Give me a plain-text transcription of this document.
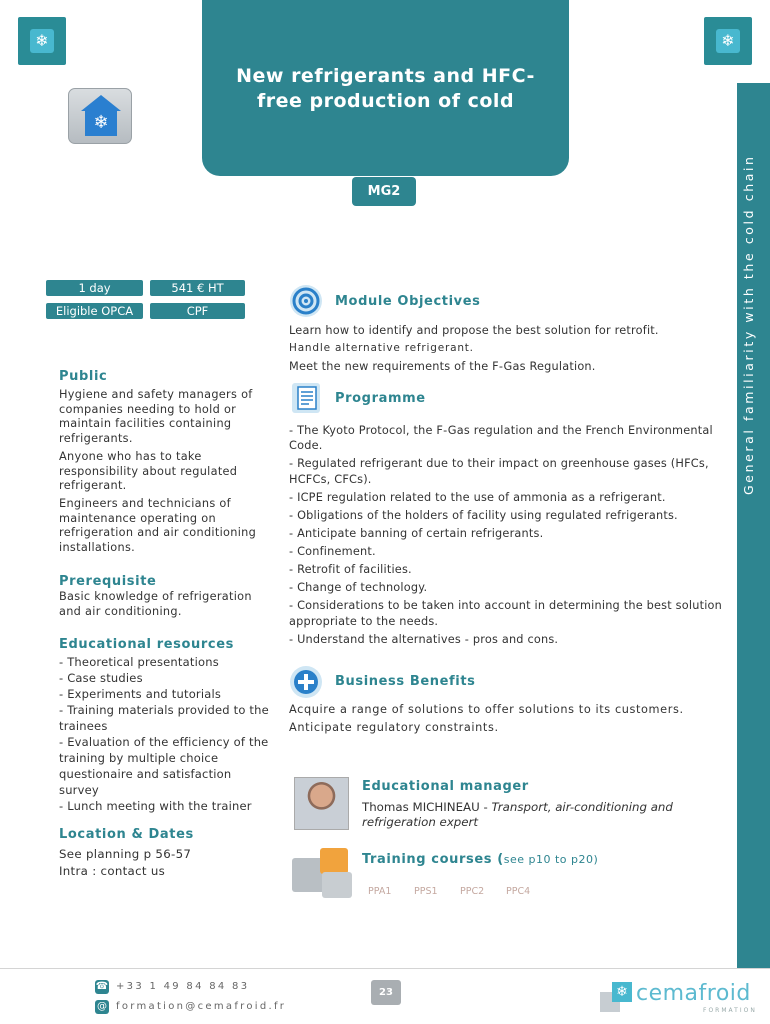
❄	❄
New refrigerants and HFC-
free production of cold
❄
MG2	General familiarity with the cold chain
1 day	541 € HT
Eligible OPCA	CPF
Public
Hygiene and safety managers of companies needing to hold or maintain facilities containing refrigerants.
Anyone who has to take responsibility about regulated refrigerant.
Engineers and technicians of maintenance operating on refrigeration and air conditioning installations.
Prerequisite
Basic knowledge of refrigeration and air conditioning.
Educational resources
- Theoretical presentations
- Case studies
- Experiments and tutorials
- Training materials provided to the trainees
- Evaluation of the efficiency of the training by multiple choice questionaire and satisfaction survey
- Lunch meeting with the trainer
Location & Dates
See planning p 56-57
Intra : contact us
Module Objectives
Learn how to identify and propose the best solution for retrofit.
Handle alternative refrigerant.
Meet the new requirements of the F-Gas Regulation.
Programme
- The Kyoto Protocol, the F-Gas regulation and the French Environmental Code.
- Regulated refrigerant due to their impact on greenhouse gases (HFCs, HCFCs, CFCs).
- ICPE regulation related to the use of ammonia as a refrigerant.
- Obligations of the holders of facility using regulated refrigerants.
- Anticipate banning of certain refrigerants.
- Confinement.
- Retrofit of facilities.
- Change of technology.
- Considerations to be taken into account in determining the best solution appropriate to the needs.
- Understand the alternatives - pros and cons.
Business Benefits
Acquire a range of solutions to offer solutions to its customers.
Anticipate regulatory constraints.
Educational manager
Thomas MICHINEAU - Transport, air-conditioning and refrigeration expert
Training courses (see p10 to p20)
PPA1 PPS1 PPC2 PPC4
☎ +33 1 49 84 84 83
@ formation@cemafroid.fr
23	❄ cemafroid
FORMATION
